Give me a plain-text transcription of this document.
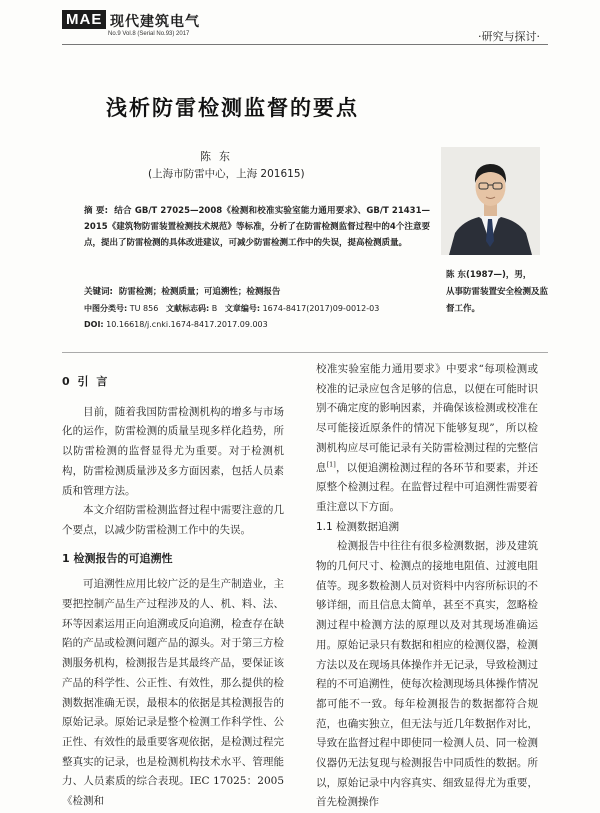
MAE 现代建筑电气
No.9 Vol.8 (Serial No.93) 2017	·研究与探讨·
浅析防雷检测监督的要点
陈东
(上海市防雷中心，上海 201615)
摘 要: 结合 GB/T 27025—2008《检测和校准实验室能力通用要求》、GB/T 21431—2015《建筑物防雷装置检测技术规范》等标准，分析了在防雷检测监督过程中的4个注意要点，提出了防雷检测的具体改进建议，可减少防雷检测工作中的失误，提高检测质量。
关键词: 防雷检测；检测质量；可追溯性；检测报告
中图分类号: TU 856 文献标志码: B 文章编号: 1674-8417(2017)09-0012-03
DOI: 10.16618/j.cnki.1674-8417.2017.09.003
陈 东(1987—)，男，
从事防雷装置安全检测及监督工作。
0 引 言

目前，随着我国防雷检测机构的增多与市场化的运作，防雷检测的质量呈现多样化趋势，所以防雷检测的监督显得尤为重要。对于检测机构，防雷检测质量涉及多方面因素，包括人员素质和管理方法。

本文介绍防雷检测监督过程中需要注意的几个要点，以减少防雷检测工作中的失误。

1 检测报告的可追溯性

可追溯性应用比较广泛的是生产制造业，主要把控制产品生产过程涉及的人、机、料、法、环等因素运用正向追溯或反向追溯，检查存在缺陷的产品或检测问题产品的源头。对于第三方检测服务机构，检测报告是其最终产品，要保证该产品的科学性、公正性、有效性，那么提供的检测数据准确无误，最根本的依据是其检测报告的原始记录。原始记录是整个检测工作科学性、公正性、有效性的最重要客观依据，是检测过程完整真实的记录，也是检测机构技术水平、管理能力、人员素质的综合表现。IEC 17025：2005《检测和

校准实验室能力通用要求》中要求“每项检测或校准的记录应包含足够的信息，以便在可能时识别不确定度的影响因素，并确保该检测或校准在尽可能接近原条件的情况下能够复现”，所以检测机构应尽可能记录有关防雷检测过程的完整信息[1]，以便追溯检测过程的各环节和要素，并还原整个检测过程。在监督过程中可追溯性需要着重注意以下方面。

1.1 检测数据追溯

检测报告中往往有很多检测数据，涉及建筑物的几何尺寸、检测点的接地电阻值、过渡电阻值等。现多数检测人员对资料中内容所标识的不够详细，而且信息太简单，甚至不真实，忽略检测过程中检测方法的原理以及对其现场准确运用。原始记录只有数据和相应的检测仪器，检测方法以及在现场具体操作并无记录，导致检测过程的不可追溯性，使每次检测现场具体操作情况都可能不一致。每年检测报告的数据都符合规范，也确实独立，但无法与近几年数据作对比，导致在监督过程中即使同一检测人员、同一检测仪器仍无法复现与检测报告中同质性的数据。所以，原始记录中内容真实、细致显得尤为重要，首先检测操作
